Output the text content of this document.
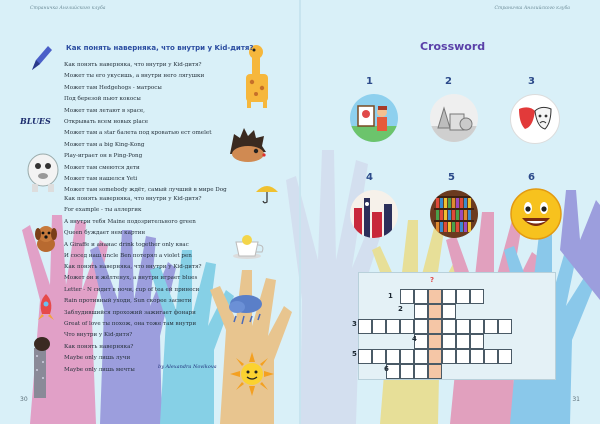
Страничка Английского клуба	Страничка Английского клуба
BLUES
Как понять наверняка, что внутри у Kid-дитя?
Как понять наверняка, что внутри у Kid-дитя?
Может ты его укусишь, а внутри него лягушки
Может там Hedgehogs - матросы
Под березой пьют кокосы
Может там летают в space,
Открывать всем новых place
Может там a star балета под кроватью ест omelet
Может там a big King-Kong
Play-играет он в Ping-Pong
Может там смеются дети
Может там нашелся Yeti
Может там somebody ждёт, самый лучший в мире Dog
Как понять наверняка, что внутри у Kid-дитя?
For example - ты аллергик
А внутри тебя Maine подозрительного green
Queen буждает нем картин
A Giraffe и ананас drink together only квас
И сосед наш uncle Ben потерял a violet pen
Как понять наверняка, что внутри у Kid-дитя?
Может он и жёлтенух, а внутри играет blues
Letter - N сидит в ночи, cup of tea ей принеси
Rain противный уходи, Sun скорее засвети
Заблудившийся прохожий зажигает фонари
Great of love ты похож, она тоже там внутри
Что внутри у Kid-дитя?
Как понять наверняка?
Maybe only лишь лучи
Maybe only лишь мечты	by Alexandra Novikova
Crossword
1	2	3
4	5	6
?
1
2
3
4
5
6
30	31
